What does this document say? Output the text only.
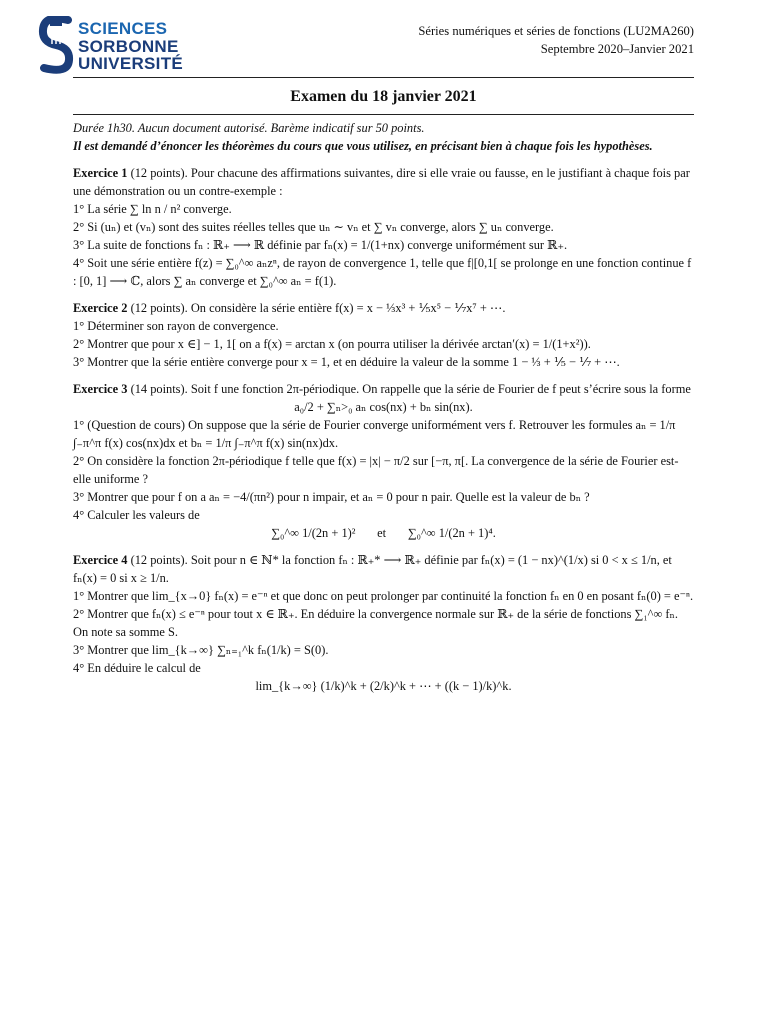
SCIENCES
SORBONNE
UNIVERSITÉ
Séries numériques et séries de fonctions (LU2MA260)
Septembre 2020–Janvier 2021
Examen du 18 janvier 2021

Durée 1h30. Aucun document autorisé. Barème indicatif sur 50 points.

Il est demandé d’énoncer les théorèmes du cours que vous utilisez, en précisant bien à chaque fois les hypothèses.

Exercice 1 (12 points). Pour chacune des affirmations suivantes, dire si elle vraie ou fausse, en le justifiant à chaque fois par une démonstration ou un contre-exemple :

1° La série ∑ ln n / n² converge.

2° Si (uₙ) et (vₙ) sont des suites réelles telles que uₙ ∼ vₙ et ∑ vₙ converge, alors ∑ uₙ converge.

3° La suite de fonctions fₙ : ℝ₊ ⟶ ℝ définie par fₙ(x) = 1/(1+nx) converge uniformément sur ℝ₊.

4° Soit une série entière f(z) = ∑₀^∞ aₙzⁿ, de rayon de convergence 1, telle que f|[0,1[ se prolonge en une fonction continue f : [0, 1] ⟶ ℂ, alors ∑ aₙ converge et ∑₀^∞ aₙ = f(1).

Exercice 2 (12 points). On considère la série entière f(x) = x − ⅓x³ + ⅕x⁵ − ⅐x⁷ + ⋯.

1° Déterminer son rayon de convergence.

2° Montrer que pour x ∈] − 1, 1[ on a f(x) = arctan x (on pourra utiliser la dérivée arctan′(x) = 1/(1+x²)).

3° Montrer que la série entière converge pour x = 1, et en déduire la valeur de la somme 1 − ⅓ + ⅕ − ⅐ + ⋯.

Exercice 3 (14 points). Soit f une fonction 2π-périodique. On rappelle que la série de Fourier de f peut s’écrire sous la forme

a₀/2 + ∑ₙ>₀ aₙ cos(nx) + bₙ sin(nx).

1° (Question de cours) On suppose que la série de Fourier converge uniformément vers f. Retrouver les formules aₙ = 1/π ∫₋π^π f(x) cos(nx)dx et bₙ = 1/π ∫₋π^π f(x) sin(nx)dx.

2° On considère la fonction 2π-périodique f telle que f(x) = |x| − π/2 sur [−π, π[. La convergence de la série de Fourier est-elle uniforme ?

3° Montrer que pour f on a aₙ = −4/(πn²) pour n impair, et aₙ = 0 pour n pair. Quelle est la valeur de bₙ ?

4° Calculer les valeurs de

∑₀^∞ 1/(2n + 1)² et ∑₀^∞ 1/(2n + 1)⁴.

Exercice 4 (12 points). Soit pour n ∈ ℕ* la fonction fₙ : ℝ₊* ⟶ ℝ₊ définie par fₙ(x) = (1 − nx)^(1/x) si 0 < x ≤ 1/n, et fₙ(x) = 0 si x ≥ 1/n.

1° Montrer que lim_{x→0} fₙ(x) = e⁻ⁿ et que donc on peut prolonger par continuité la fonction fₙ en 0 en posant fₙ(0) = e⁻ⁿ.

2° Montrer que fₙ(x) ≤ e⁻ⁿ pour tout x ∈ ℝ₊. En déduire la convergence normale sur ℝ₊ de la série de fonctions ∑₁^∞ fₙ. On note sa somme S.

3° Montrer que lim_{k→∞} ∑ₙ₌₁^k fₙ(1/k) = S(0).

4° En déduire le calcul de

lim_{k→∞} (1/k)^k + (2/k)^k + ⋯ + ((k − 1)/k)^k.
